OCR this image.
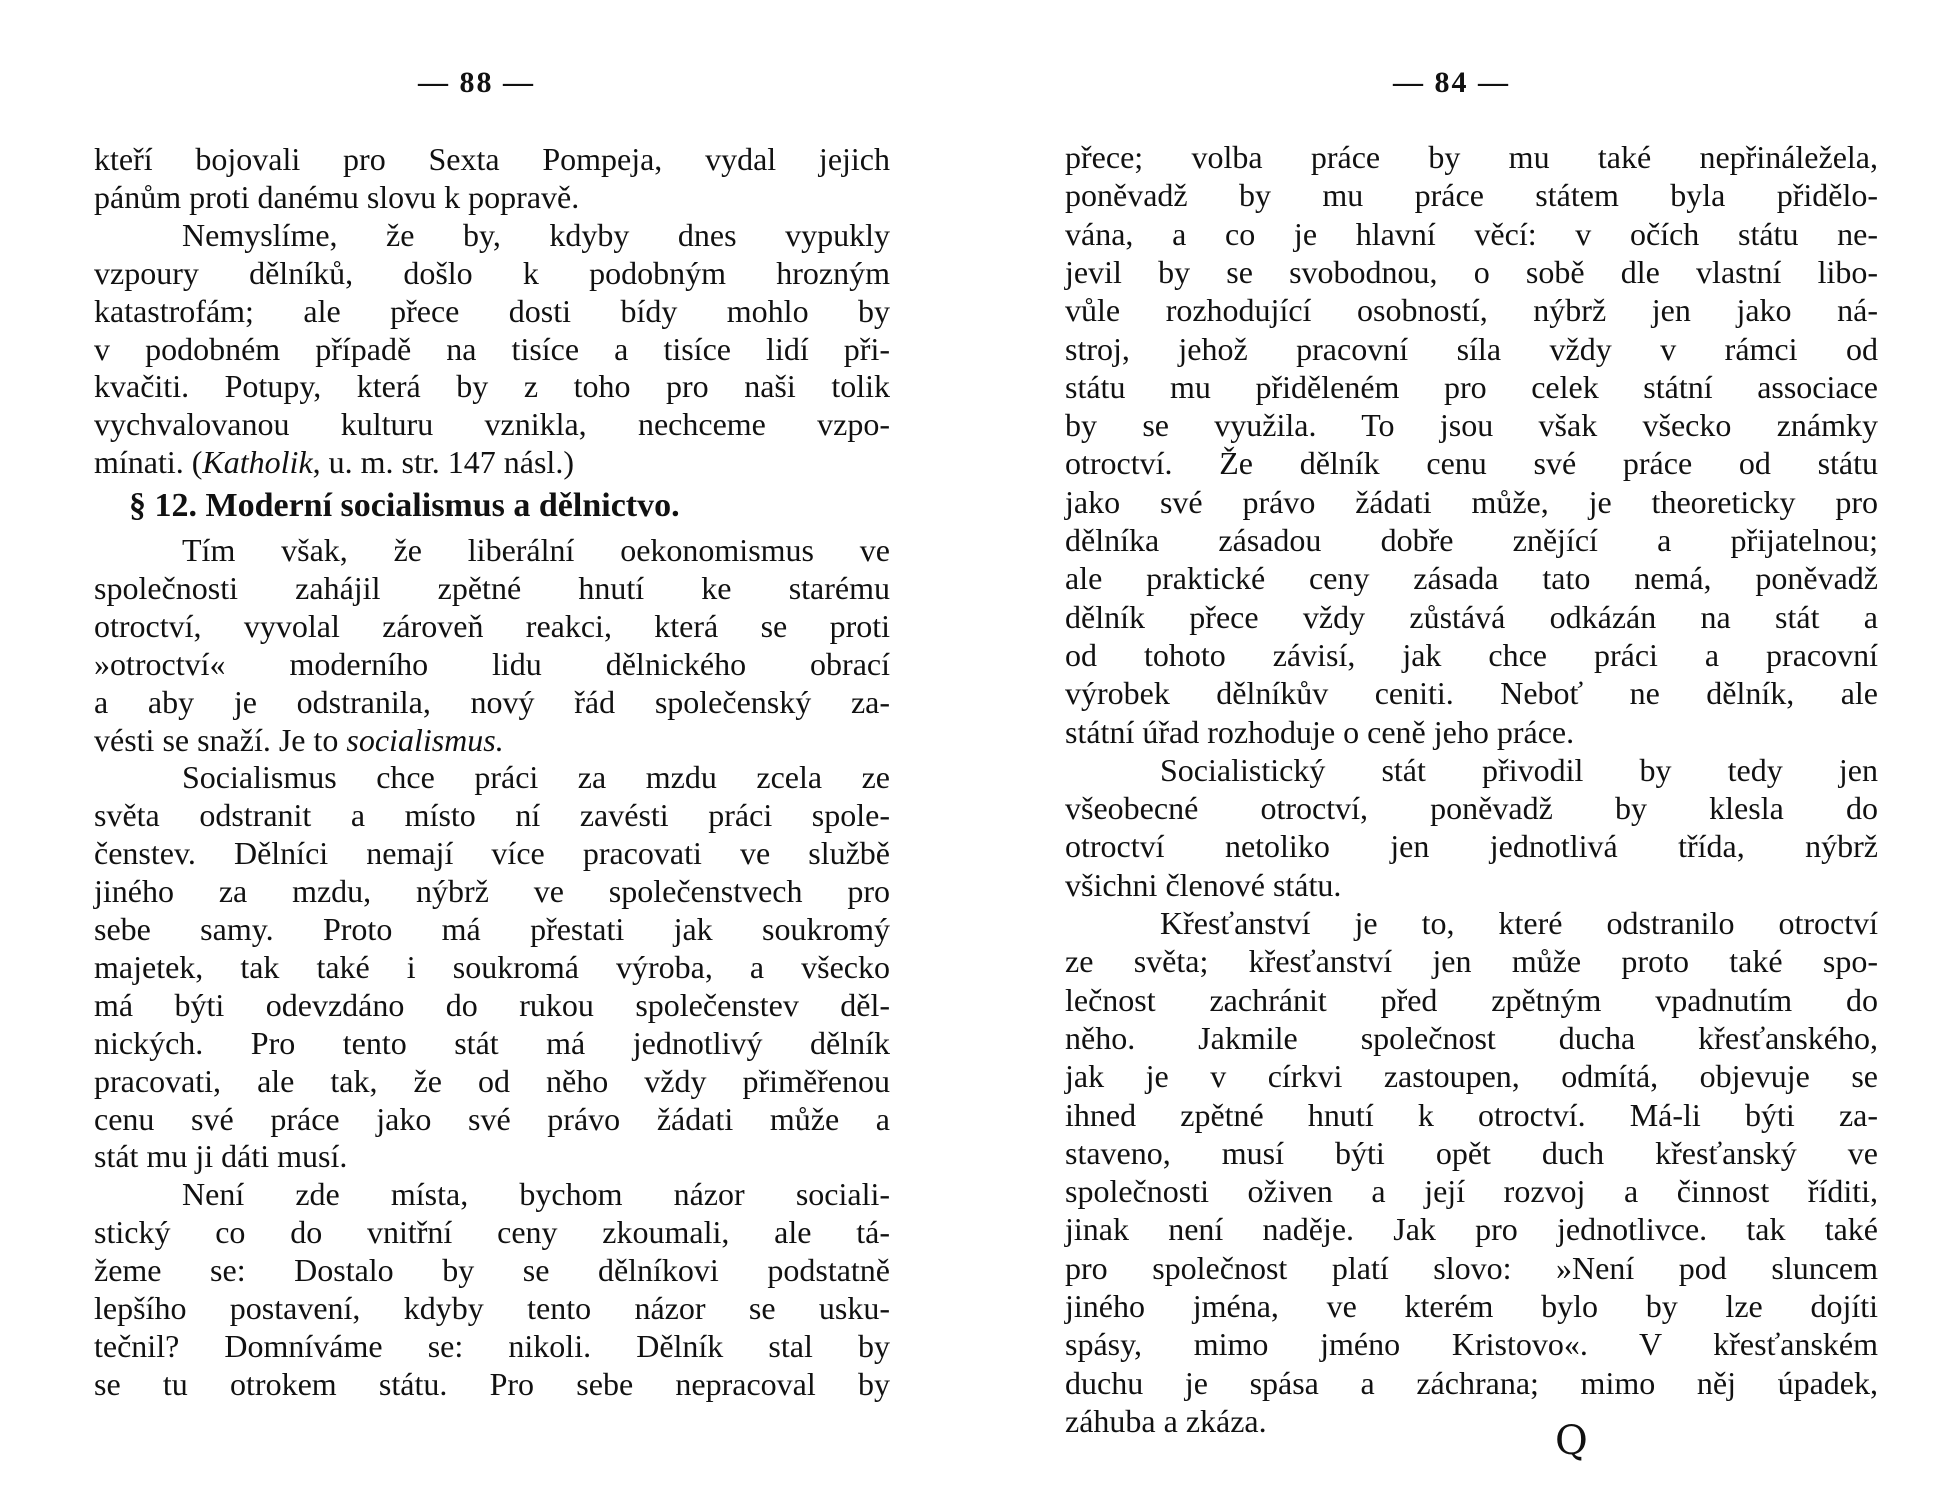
— 88 —
kteří bojovali pro Sexta Pompeja, vydal jejich
pánům proti danému slovu k popravě.
Nemyslíme, že by, kdyby dnes vypukly
vzpoury dělníků, došlo k podobným hrozným
katastrofám; ale přece dosti bídy mohlo by
v podobném případě na tisíce a tisíce lidí při-
kvačiti. Potupy, která by z toho pro naši tolik
vychvalovanou kulturu vznikla, nechceme vzpo-
mínati. (Katholik, u. m. str. 147 násl.)
§ 12. Moderní socialismus a dělnictvo.
Tím však, že liberální oekonomismus ve
společnosti zahájil zpětné hnutí ke starému
otroctví, vyvolal zároveň reakci, která se proti
»otroctví« moderního lidu dělnického obrací
a aby je odstranila, nový řád společenský za-
vésti se snaží. Je to socialismus.
Socialismus chce práci za mzdu zcela ze
světa odstranit a místo ní zavésti práci spole-
čenstev. Dělníci nemají více pracovati ve službě
jiného za mzdu, nýbrž ve společenstvech pro
sebe samy. Proto má přestati jak soukromý
majetek, tak také i soukromá výroba, a všecko
má býti odevzdáno do rukou společenstev děl-
nických. Pro tento stát má jednotlivý dělník
pracovati, ale tak, že od něho vždy přiměřenou
cenu své práce jako své právo žádati může a
stát mu ji dáti musí.
Není zde místa, bychom názor sociali-
stický co do vnitřní ceny zkoumali, ale tá-
žeme se: Dostalo by se dělníkovi podstatně
lepšího postavení, kdyby tento názor se usku-
tečnil? Domníváme se: nikoli. Dělník stal by
se tu otrokem státu. Pro sebe nepracoval by
— 84 —
přece; volba práce by mu také nepřináležela,
poněvadž by mu práce státem byla přidělo-
vána, a co je hlavní věcí: v očích státu ne-
jevil by se svobodnou, o sobě dle vlastní libo-
vůle rozhodující osobností, nýbrž jen jako ná-
stroj, jehož pracovní síla vždy v rámci od
státu mu přiděleném pro celek státní associace
by se využila. To jsou však všecko známky
otroctví. Že dělník cenu své práce od státu
jako své právo žádati může, je theoreticky pro
dělníka zásadou dobře znějící a přijatelnou;
ale praktické ceny zásada tato nemá, poněvadž
dělník přece vždy zůstává odkázán na stát a
od tohoto závisí, jak chce práci a pracovní
výrobek dělníkův ceniti. Neboť ne dělník, ale
státní úřad rozhoduje o ceně jeho práce.
Socialistický stát přivodil by tedy jen
všeobecné otroctví, poněvadž by klesla do
otroctví netoliko jen jednotlivá třída, nýbrž
všichni členové státu.
Křesťanství je to, které odstranilo otroctví
ze světa; křesťanství jen může proto také spo-
lečnost zachránit před zpětným vpadnutím do
něho. Jakmile společnost ducha křesťanského,
jak je v církvi zastoupen, odmítá, objevuje se
ihned zpětné hnutí k otroctví. Má-li býti za-
staveno, musí býti opět duch křesťanský ve
společnosti oživen a její rozvoj a činnost říditi,
jinak není naděje. Jak pro jednotlivce. tak také
pro společnost platí slovo: »Není pod sluncem
jiného jména, ve kterém bylo by lze dojíti
spásy, mimo jméno Kristovo«. V křesťanském
duchu je spása a záchrana; mimo něj úpadek,
záhuba a zkáza.	Q
